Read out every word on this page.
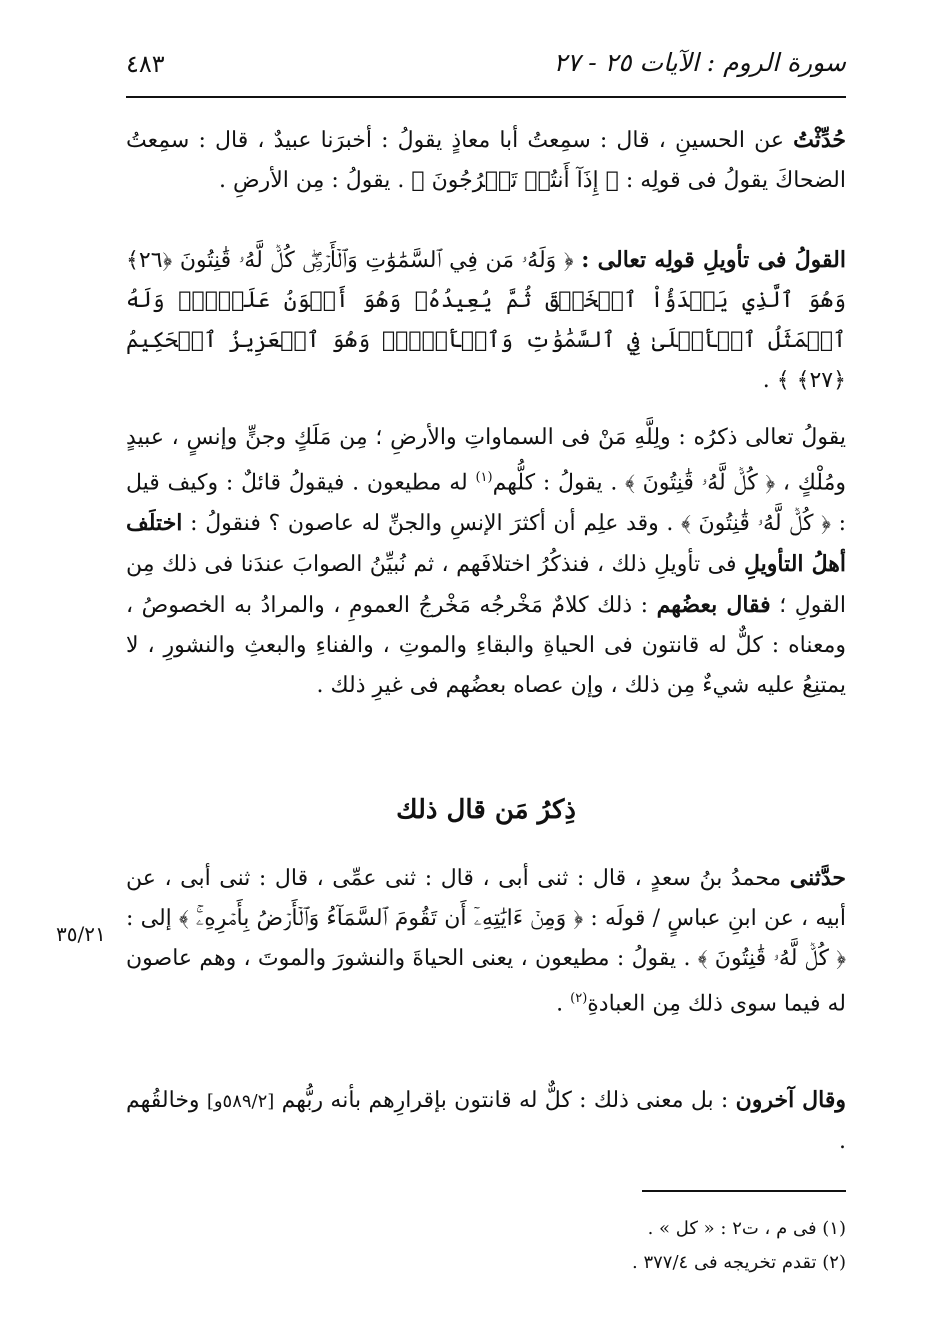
٤٨٣	سورة الروم : الآيات ٢٥ - ٢٧
حُدِّثْتُ عن الحسينِ ، قال : سمِعتُ أبا معاذٍ يقولُ : أخبرَنا عبيدٌ ، قال : سمِعتُ الضحاكَ يقولُ فى قولِه : ﴿ إِذَآ أَنتُمۡ تَخۡرُجُونَ ﴾ . يقولُ : مِن الأرضِ .
القولُ فى تأويلِ قولِه تعالى : ﴿ وَلَهُۥ مَن فِي ٱلسَّمَٰوَٰتِ وَٱلۡأَرۡضِۖ كُلّٞ لَّهُۥ قَٰنِتُونَ ﴿٢٦﴾ وَهُوَ ٱلَّذِي يَبۡدَؤُاْ ٱلۡخَلۡقَ ثُمَّ يُعِيدُهُۥ وَهُوَ أَهۡوَنُ عَلَيۡهِۚ وَلَهُ ٱلۡمَثَلُ ٱلۡأَعۡلَىٰ فِي ٱلسَّمَٰوَٰتِ وَٱلۡأَرۡضِۚ وَهُوَ ٱلۡعَزِيزُ ٱلۡحَكِيمُ ﴿٢٧﴾ ﴾ .
يقولُ تعالى ذكرُه : ولِلَّهِ مَنْ فى السماواتِ والأرضِ ؛ مِن مَلَكٍ وجنٍّ وإنسٍ ، عبيدٍ ومُلْكٍ ، ﴿ كُلّٞ لَّهُۥ قَٰنِتُونَ ﴾ . يقولُ : كلُّهم$^{(١)}$ له مطيعون . فيقولُ قائلٌ : وكيف قيل : ﴿ كُلّٞ لَّهُۥ قَٰنِتُونَ ﴾ . وقد علِم أن أكثرَ الإنسِ والجنِّ له عاصون ؟ فنقولُ : اختلَف أهلُ التأويلِ فى تأويلِ ذلك ، فنذكُرُ اختلافَهم ، ثم نُبيِّنُ الصوابَ عندَنا فى ذلك مِن القولِ ؛ فقال بعضُهم : ذلك كلامٌ مَخْرجُه مَخْرجُ العمومِ ، والمرادُ به الخصوصُ ، ومعناه : كلٌّ له قانتون فى الحياةِ والبقاءِ والموتِ ، والفناءِ والبعثِ والنشورِ ، لا يمتنِعُ عليه شيءٌ مِن ذلك ، وإن عصاه بعضُهم فى غيرِ ذلك .
ذِكرُ مَن قال ذلك
حدَّثنى محمدُ بنُ سعدٍ ، قال : ثنى أبى ، قال : ثنى عمِّى ، قال : ثنى أبى ، عن أبيه ، عن ابنِ عباسٍ / قولَه : ﴿ وَمِنۡ ءَايَٰتِهِۦٓ أَن تَقُومَ ٱلسَّمَآءُ وَٱلۡأَرۡضُ بِأَمۡرِهِۦۚ ﴾ إلى : ﴿ كُلّٞ لَّهُۥ قَٰنِتُونَ ﴾ . يقولُ : مطيعون ، يعنى الحياةَ والنشورَ والموتَ ، وهم عاصون له فيما سوى ذلك مِن العبادةِ$^{(٢)}$ .
٣٥/٢١
وقال آخرون : بل معنى ذلك : كلٌّ له قانتون بإقرارِهم بأنه ربُّهم [٥٨٩/٢و] وخالقُهم .
(١) فى م ، ت٢ : « كل » .
(٢) تقدم تخريجه فى ٣٧٧/٤ .
